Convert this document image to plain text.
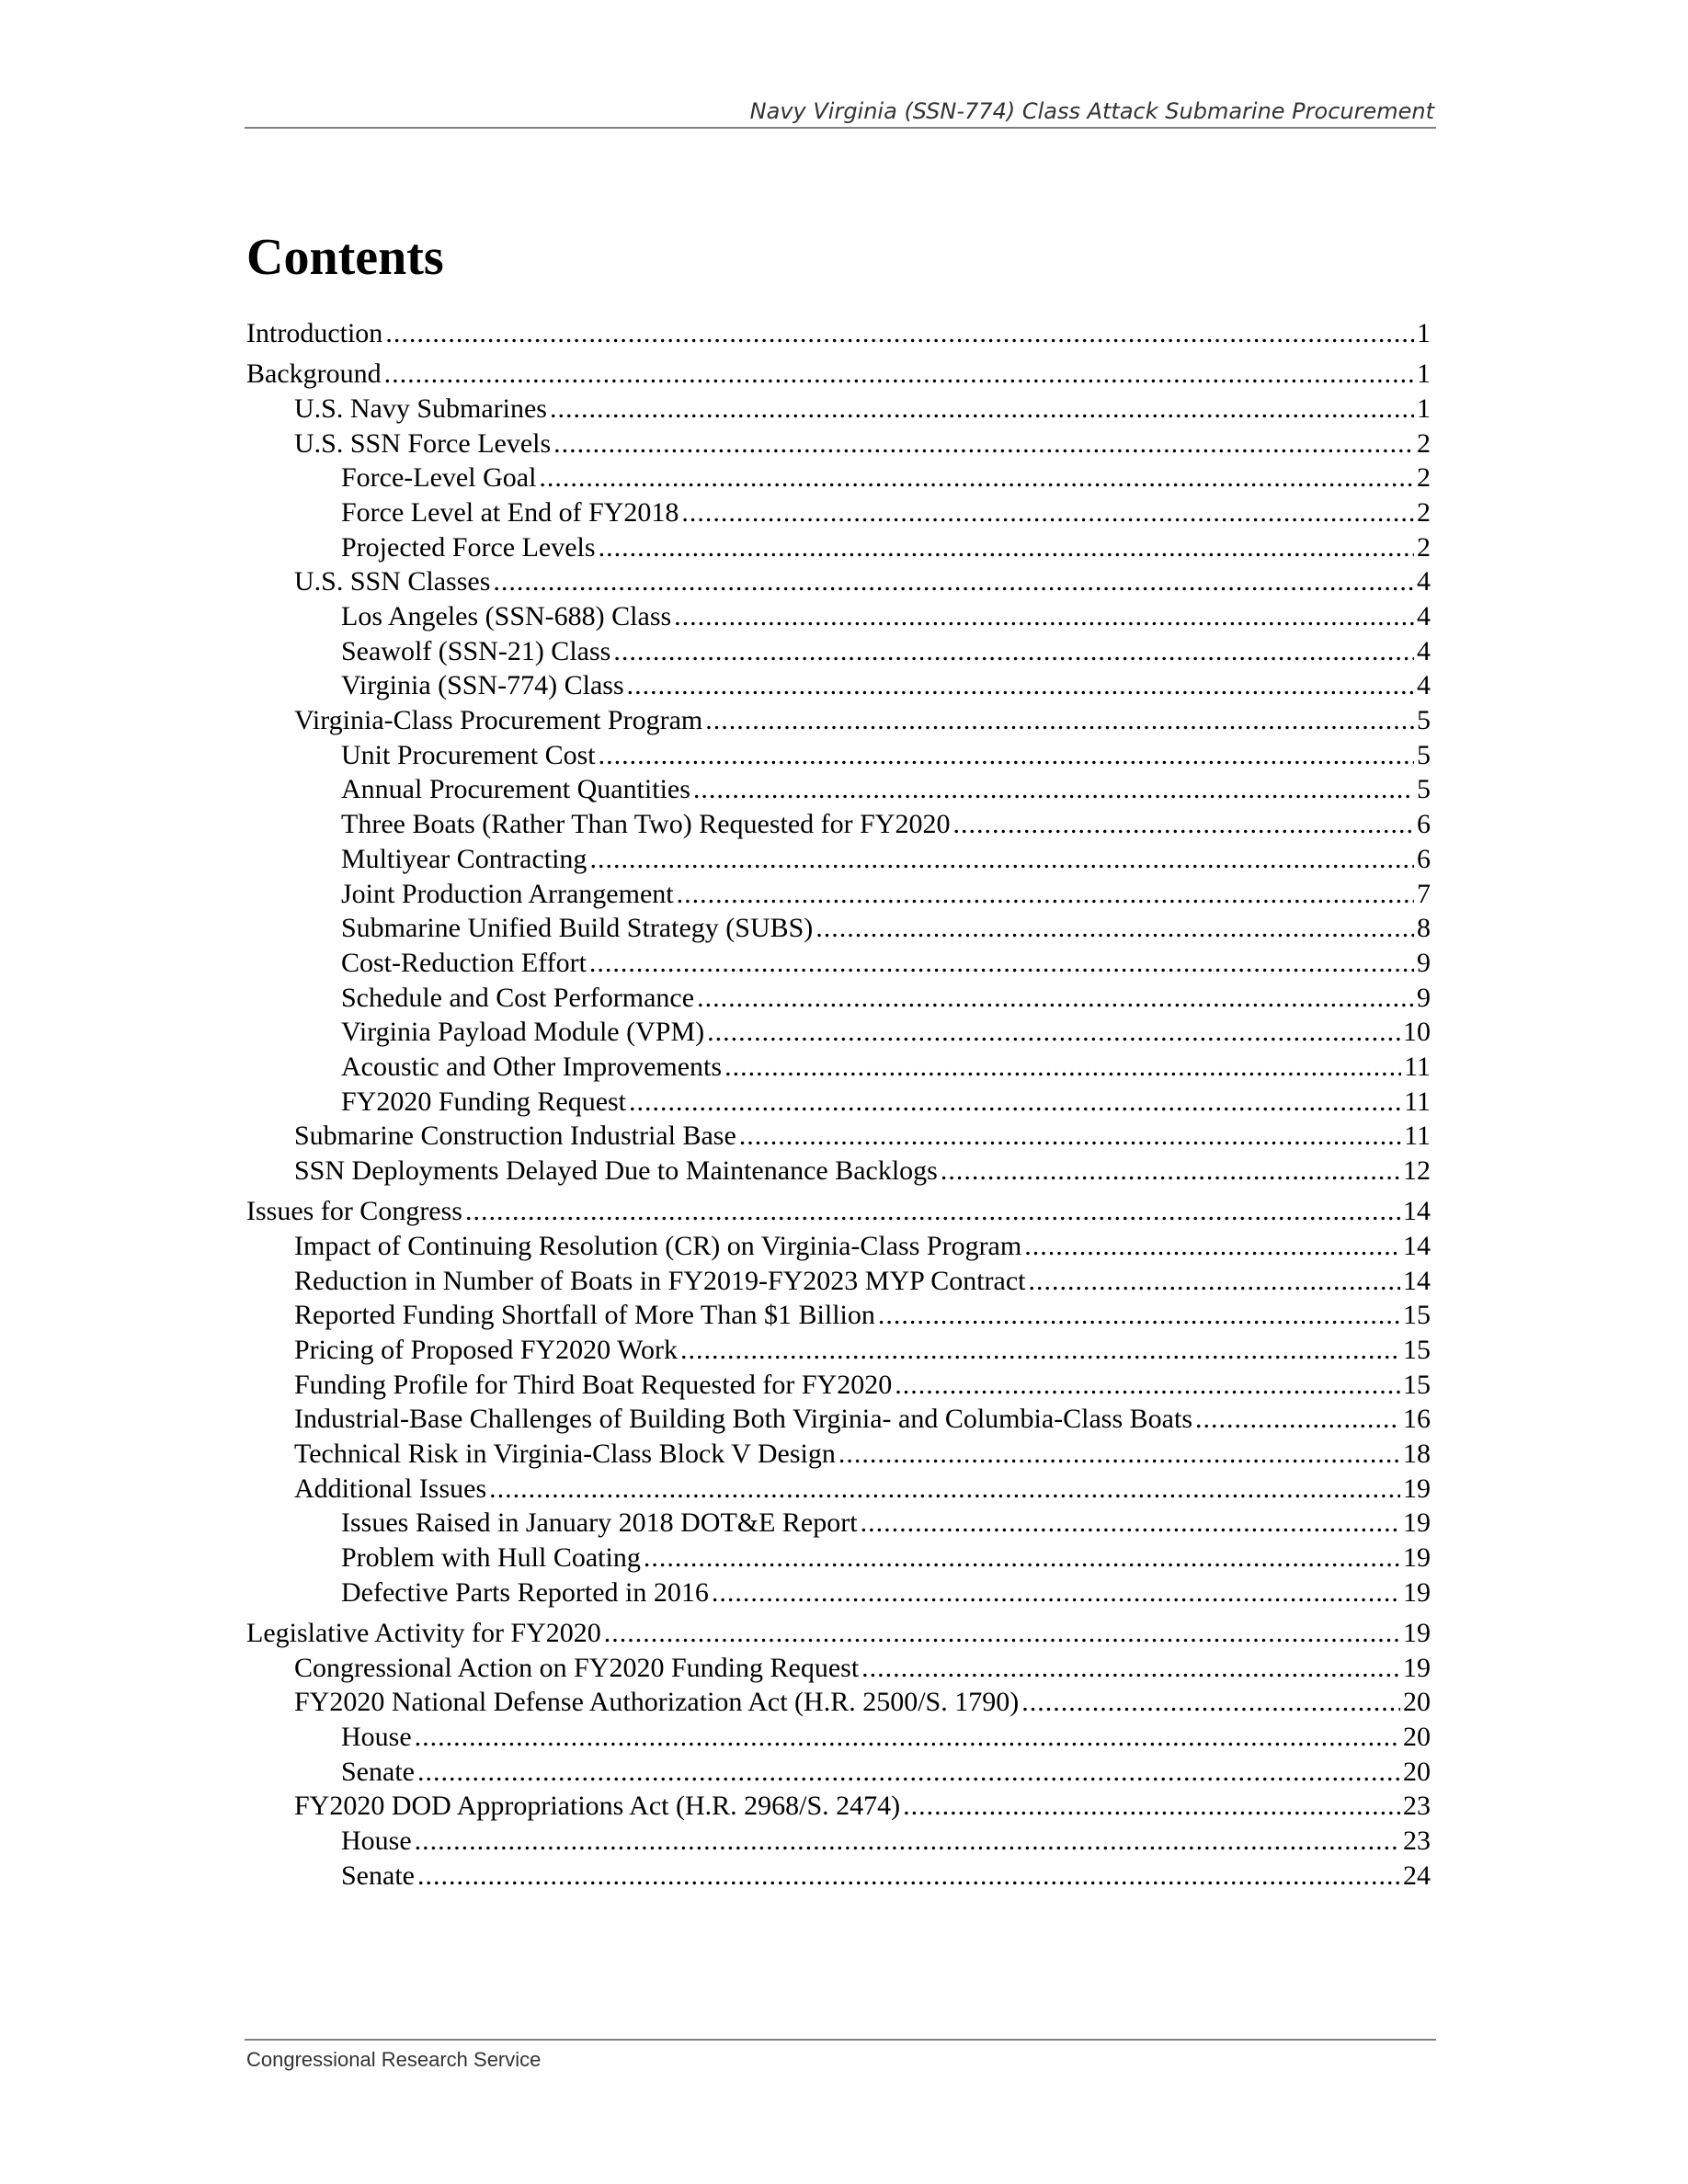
Navy Virginia (SSN-774) Class Attack Submarine Procurement
Contents
Introduction .....	1
Background .....	1
U.S. Navy Submarines .....	1
U.S. SSN Force Levels .....	2
Force-Level Goal .....	2
Force Level at End of FY2018 .....	2
Projected Force Levels .....	2
U.S. SSN Classes .....	4
Los Angeles (SSN-688) Class .....	4
Seawolf (SSN-21) Class .....	4
Virginia (SSN-774) Class .....	4
Virginia-Class Procurement Program .....	5
Unit Procurement Cost .....	5
Annual Procurement Quantities .....	5
Three Boats (Rather Than Two) Requested for FY2020 .....	6
Multiyear Contracting .....	6
Joint Production Arrangement .....	7
Submarine Unified Build Strategy (SUBS) .....	8
Cost-Reduction Effort .....	9
Schedule and Cost Performance .....	9
Virginia Payload Module (VPM) .....	10
Acoustic and Other Improvements .....	11
FY2020 Funding Request .....	11
Submarine Construction Industrial Base .....	11
SSN Deployments Delayed Due to Maintenance Backlogs .....	12
Issues for Congress .....	14
Impact of Continuing Resolution (CR) on Virginia-Class Program .....	14
Reduction in Number of Boats in FY2019-FY2023 MYP Contract .....	14
Reported Funding Shortfall of More Than $1 Billion .....	15
Pricing of Proposed FY2020 Work .....	15
Funding Profile for Third Boat Requested for FY2020 .....	15
Industrial-Base Challenges of Building Both Virginia- and Columbia-Class Boats .....	16
Technical Risk in Virginia-Class Block V Design .....	18
Additional Issues .....	19
Issues Raised in January 2018 DOT&E Report .....	19
Problem with Hull Coating .....	19
Defective Parts Reported in 2016 .....	19
Legislative Activity for FY2020 .....	19
Congressional Action on FY2020 Funding Request .....	19
FY2020 National Defense Authorization Act (H.R. 2500/S. 1790) .....	20
House .....	20
Senate .....	20
FY2020 DOD Appropriations Act (H.R. 2968/S. 2474) .....	23
House .....	23
Senate .....	24
Congressional Research Service
